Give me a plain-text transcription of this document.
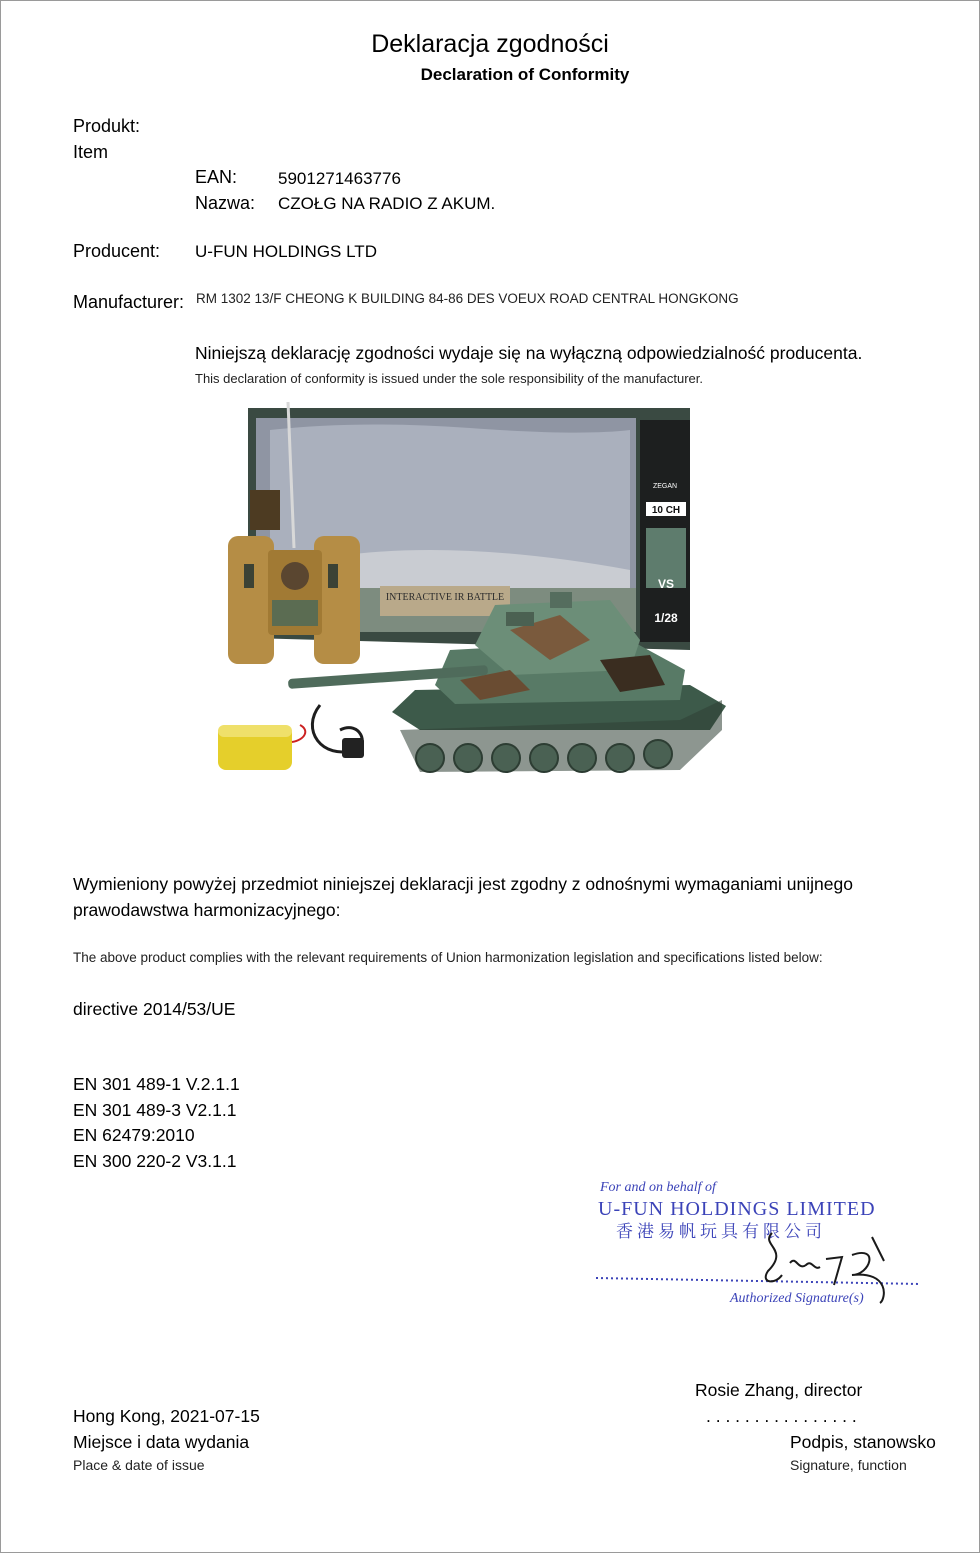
Deklaracja zgodności
Declaration of Conformity
Produkt:
Item
EAN: 5901271463776
Nazwa: CZOŁG NA RADIO Z AKUM.
Producent: U-FUN HOLDINGS LTD
Manufacturer: RM 1302 13/F CHEONG K BUILDING 84-86 DES VOEUX ROAD CENTRAL HONGKONG
Niniejszą deklarację zgodności wydaje się na wyłączną odpowiedzialność producenta.
This declaration of conformity is issued under the sole responsibility of the manufacturer.
INTERACTIVE IR BATTLE
ZEGAN
10 CH
VS
1/28
Wymieniony powyżej przedmiot niniejszej deklaracji jest zgodny z odnośnymi wymaganiami unijnego
prawodawstwa harmonizacyjnego:
The above product complies with the relevant requirements of Union harmonization legislation and specifications listed below:
directive 2014/53/UE
EN 301 489-1 V.2.1.1
EN 301 489-3 V2.1.1
EN 62479:2010
EN 300 220-2 V3.1.1
For and on behalf of
U-FUN HOLDINGS LIMITED
香港易帆玩具有限公司
Authorized Signature(s)
Rosie Zhang, director
. . . . . . . . . . . . . . . .
Hong Kong, 2021-07-15
Miejsce i data wydania	Podpis, stanowsko
Place & date of issue	Signature, function
